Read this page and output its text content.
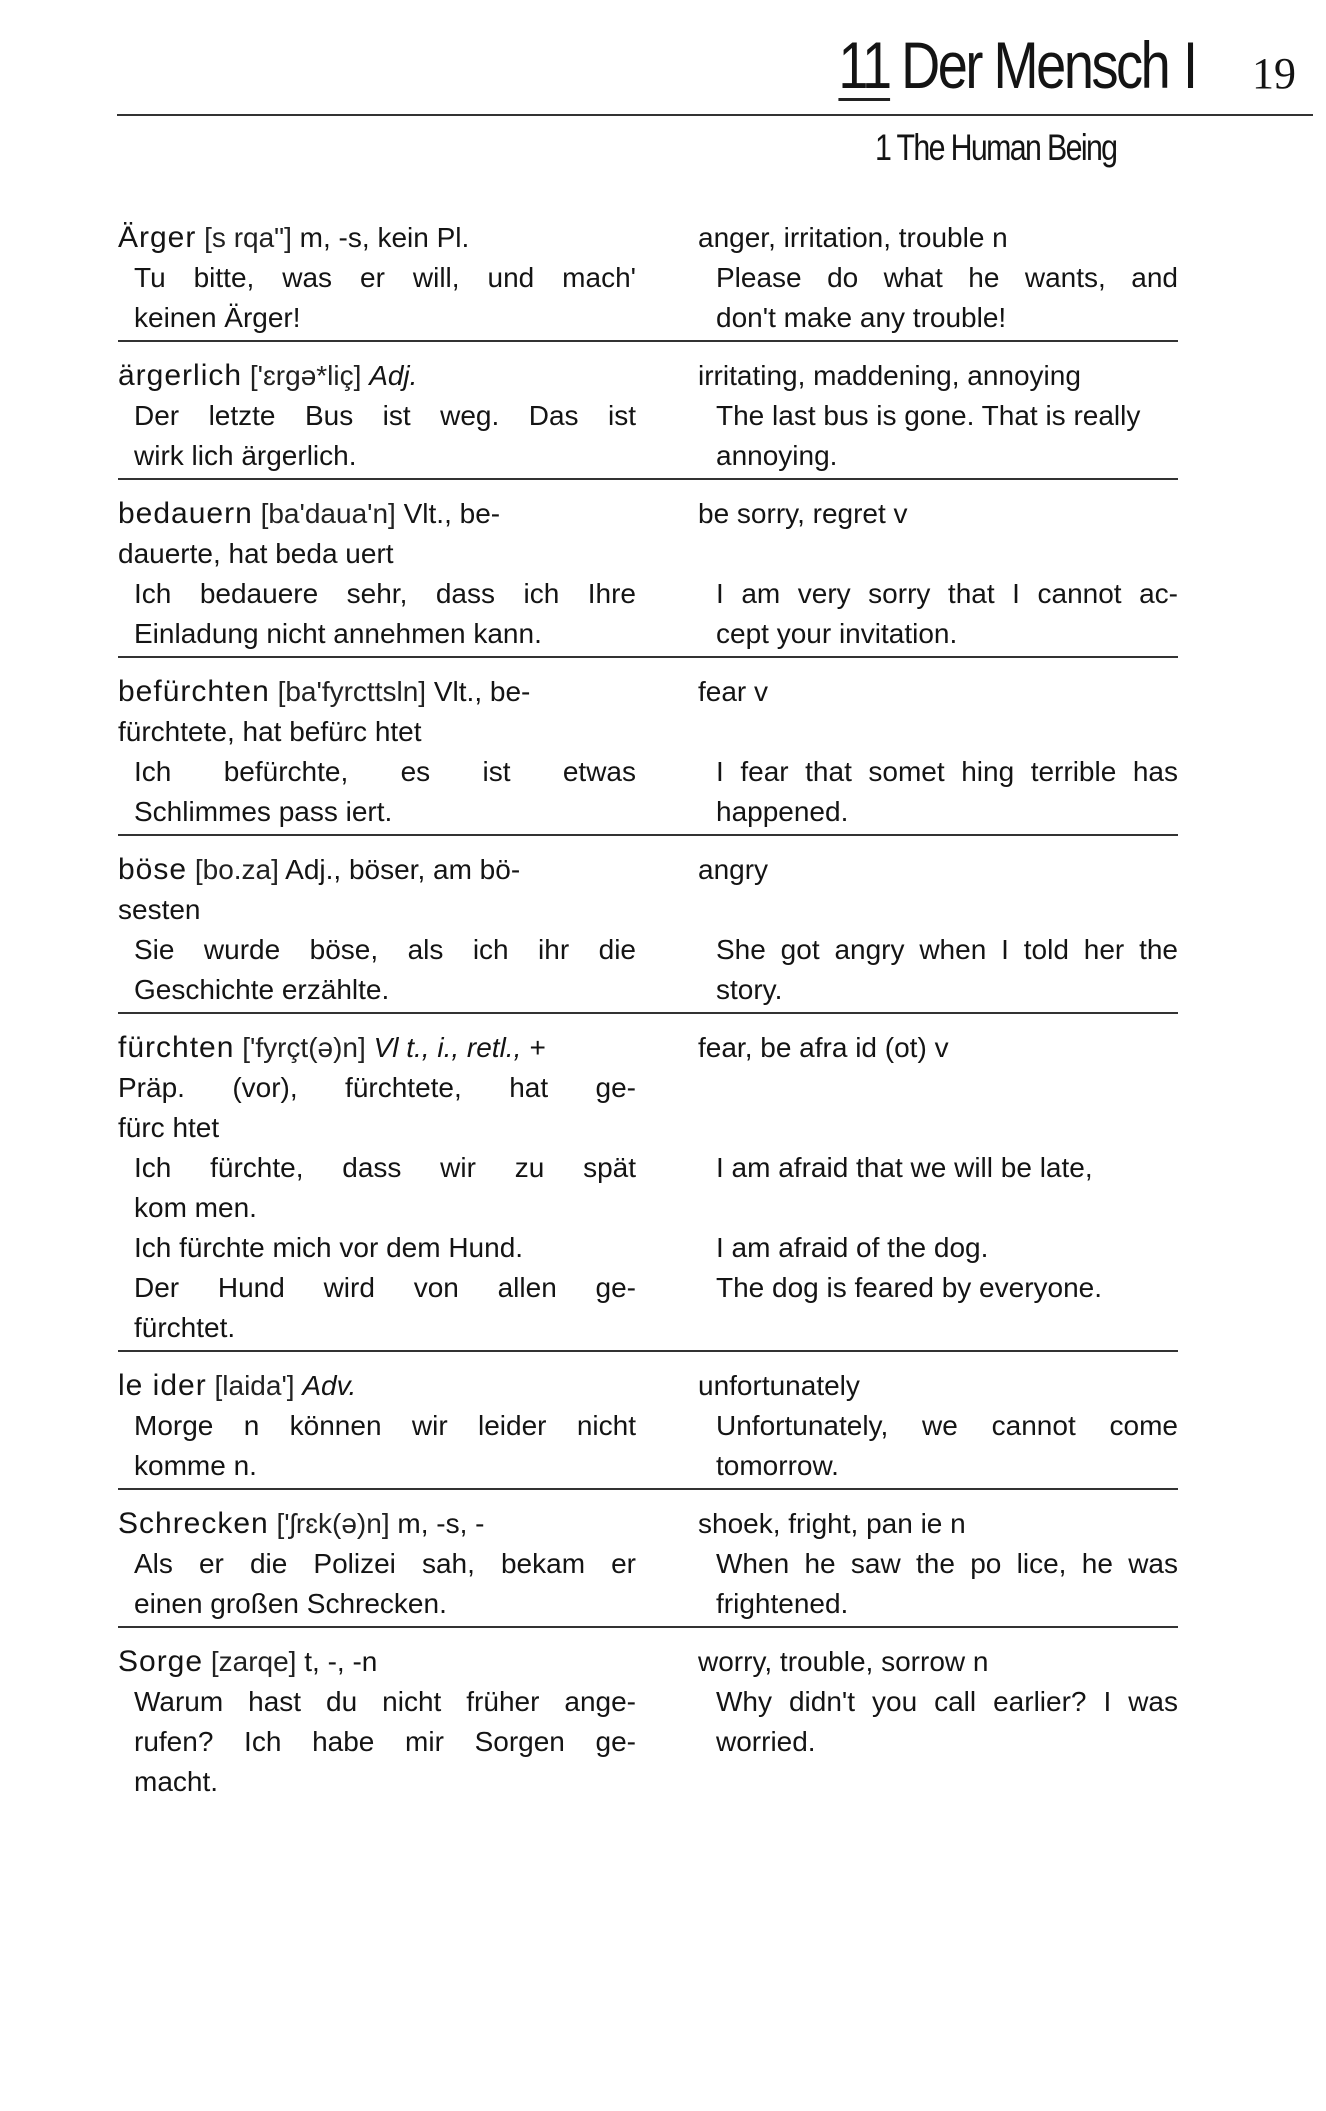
11 Der Mensch I 19
1 The Human Being
Ärger [s rqa"] m, -s, kein Pl.
Tu bitte, was er will, und mach'
keinen Ärger!
anger, irritation, trouble n
Please do what he wants, and
don't make any trouble!
ärgerlich ['ɛrgə*liç] Adj.
Der letzte Bus ist weg. Das ist
wirk lich ärgerlich.
irritating, maddening, annoying
The last bus is gone. That is really
annoying.
bedauern [ba'daua'n] Vlt., be-
dauerte, hat beda uert
Ich bedauere sehr, dass ich Ihre
Einladung nicht annehmen kann.
be sorry, regret v
I am very sorry that I cannot ac-
cept your invitation.
befürchten [ba'fyrcttsln] Vlt., be-
fürchtete, hat befürc htet
Ich befürchte, es ist etwas
Schlimmes pass iert.
fear v
I fear that somet hing terrible has
happened.
böse [bo.za] Adj., böser, am bö-
sesten
Sie wurde böse, als ich ihr die
Geschichte erzählte.
angry
She got angry when I told her the
story.
fürchten ['fyrçt(ə)n] Vl t., i., retl., +
Präp. (vor), fürchtete, hat ge-
fürc htet
Ich fürchte, dass wir zu spät
kom men.
Ich fürchte mich vor dem Hund.
Der Hund wird von allen ge-
fürchtet.
fear, be afra id (ot) v
I am afraid that we will be late,
I am afraid of the dog.
The dog is feared by everyone.
le ider [laida'] Adv.
Morge n können wir leider nicht
komme n.
unfortunately
Unfortunately, we cannot come
tomorrow.
Schrecken ['ʃrɛk(ə)n] m, -s, -
Als er die Polizei sah, bekam er
einen großen Schrecken.
shoek, fright, pan ie n
When he saw the po lice, he was
frightened.
Sorge [zarqe] t, -, -n
Warum hast du nicht früher ange-
rufen? Ich habe mir Sorgen ge-
macht.
worry, trouble, sorrow n
Why didn't you call earlier? I was
worried.
